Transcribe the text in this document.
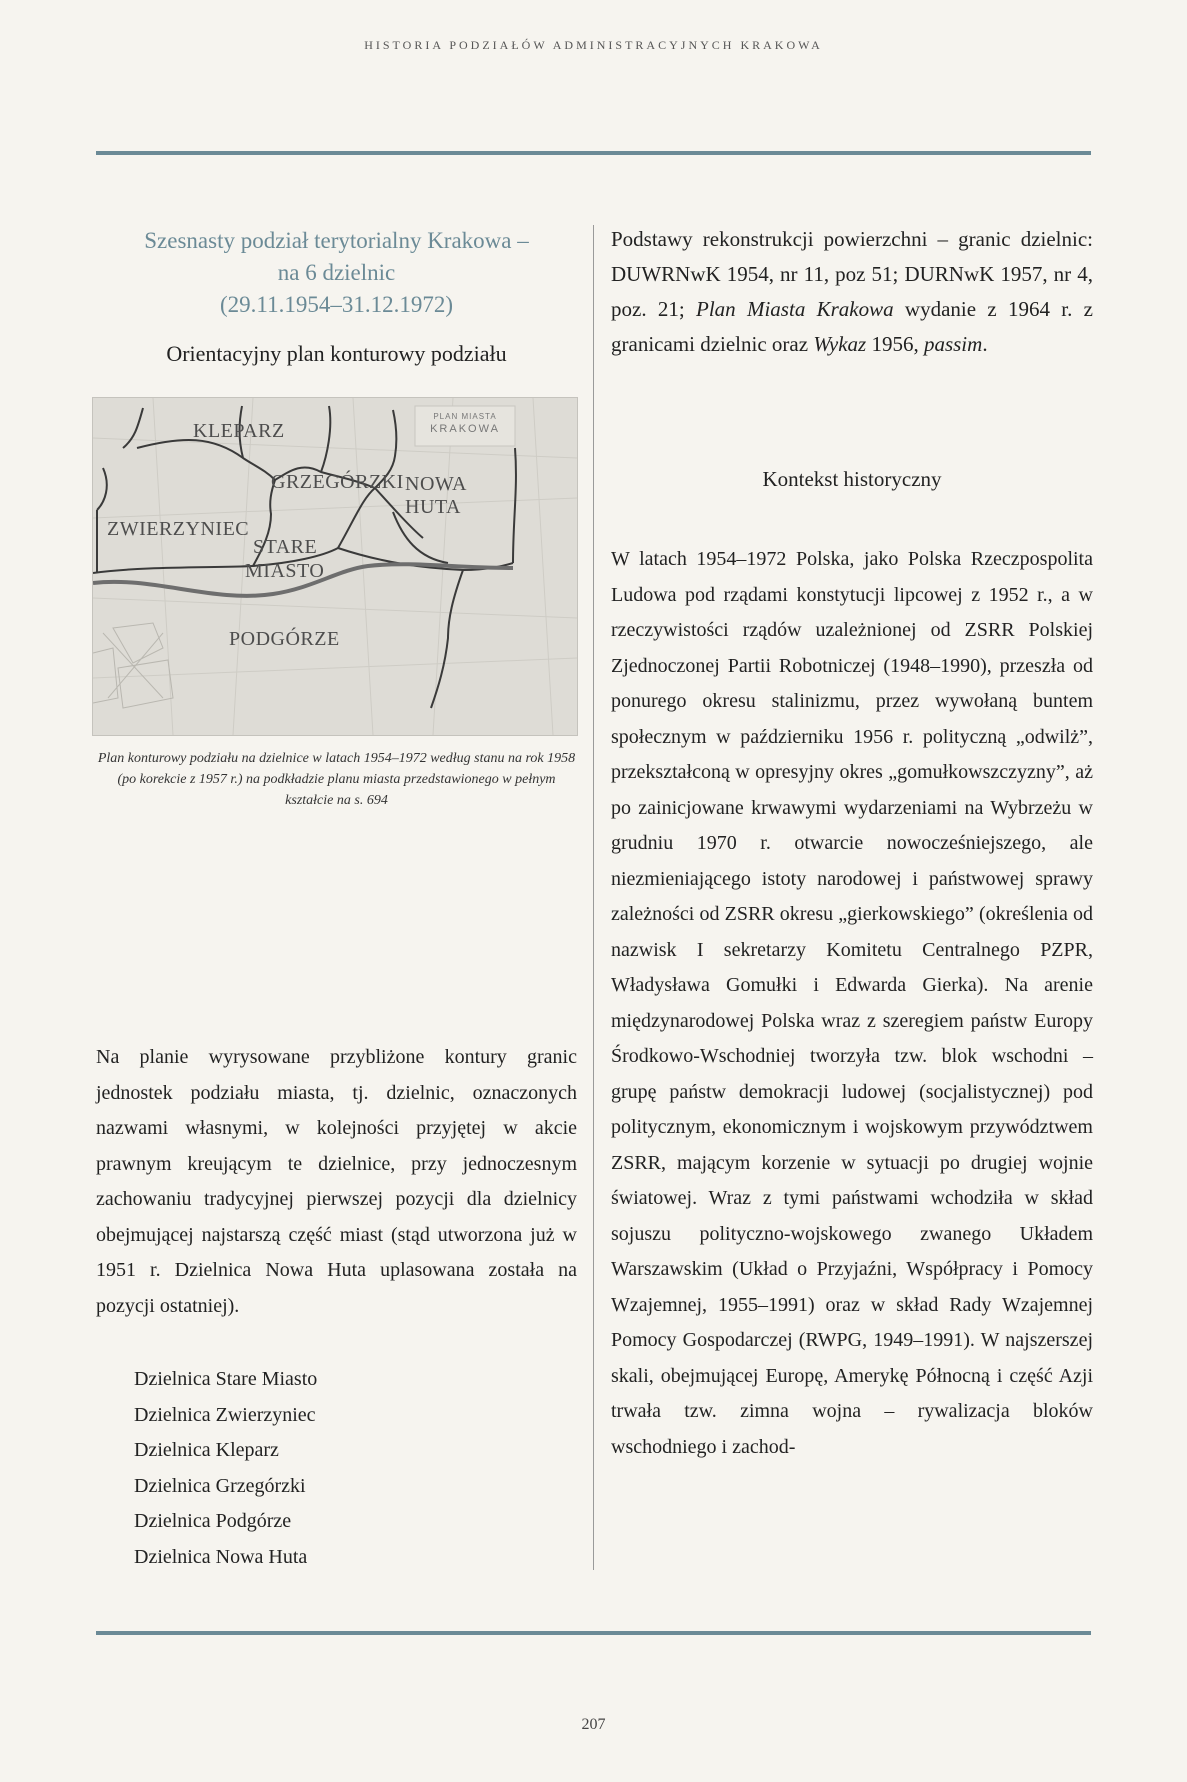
HISTORIA PODZIAŁÓW ADMINISTRACYJNYCH KRAKOWA

Szesnasty podział terytorialny Krakowa –
na 6 dzielnic
(29.11.1954–31.12.1972)

Orientacyjny plan konturowy podziału

KLEPARZ
GRZEGÓRZKI NOWA
HUTA
ZWIERZYNIEC
STARE
MIASTO
PODGÓRZE
PLAN MIASTA
KRAKOWA

Plan konturowy podziału na dzielnice w latach 1954–1972 według stanu na rok 1958 (po korekcie z 1957 r.) na podkładzie planu miasta przedstawionego w pełnym kształcie na s. 694

Na planie wyrysowane przybliżone kontury granic jednostek podziału miasta, tj. dzielnic, oznaczonych nazwami własnymi, w kolejności przyjętej w akcie prawnym kreującym te dzielnice, przy jednoczesnym zachowaniu tradycyjnej pierwszej pozycji dla dzielnicy obejmującej najstarszą część miast (stąd utworzona już w 1951 r. Dzielnica Nowa Huta uplasowana została na pozycji ostatniej).

Dzielnica Stare Miasto
Dzielnica Zwierzyniec
Dzielnica Kleparz
Dzielnica Grzegórzki
Dzielnica Podgórze
Dzielnica Nowa Huta

Podstawy rekonstrukcji powierzchni – granic dzielnic: DUWRNwK 1954, nr 11, poz 51; DURNwK 1957, nr 4, poz. 21; Plan Miasta Krakowa wydanie z 1964 r. z granicami dzielnic oraz Wykaz 1956, passim.

Kontekst historyczny

W latach 1954–1972 Polska, jako Polska Rzeczpospolita Ludowa pod rządami konstytucji lipcowej z 1952 r., a w rzeczywistości rządów uzależnionej od ZSRR Polskiej Zjednoczonej Partii Robotniczej (1948–1990), przeszła od ponurego okresu stalinizmu, przez wywołaną buntem społecznym w październiku 1956 r. polityczną „odwilż”, przekształconą w opresyjny okres „gomułkowszczyzny”, aż po zainicjowane krwawymi wydarzeniami na Wybrzeżu w grudniu 1970 r. otwarcie nowocześniejszego, ale niezmieniającego istoty narodowej i państwowej sprawy zależności od ZSRR okresu „gierkowskiego” (określenia od nazwisk I sekretarzy Komitetu Centralnego PZPR, Władysława Gomułki i Edwarda Gierka). Na arenie międzynarodowej Polska wraz z szeregiem państw Europy Środkowo-Wschodniej tworzyła tzw. blok wschodni – grupę państw demokracji ludowej (socjalistycznej) pod politycznym, ekonomicznym i wojskowym przywództwem ZSRR, mającym korzenie w sytuacji po drugiej wojnie światowej. Wraz z tymi państwami wchodziła w skład sojuszu polityczno-wojskowego zwanego Układem Warszawskim (Układ o Przyjaźni, Współpracy i Pomocy Wzajemnej, 1955–1991) oraz w skład Rady Wzajemnej Pomocy Gospodarczej (RWPG, 1949–1991). W najszerszej skali, obejmującej Europę, Amerykę Północną i część Azji trwała tzw. zimna wojna – rywalizacja bloków wschodniego i zachod-

207
